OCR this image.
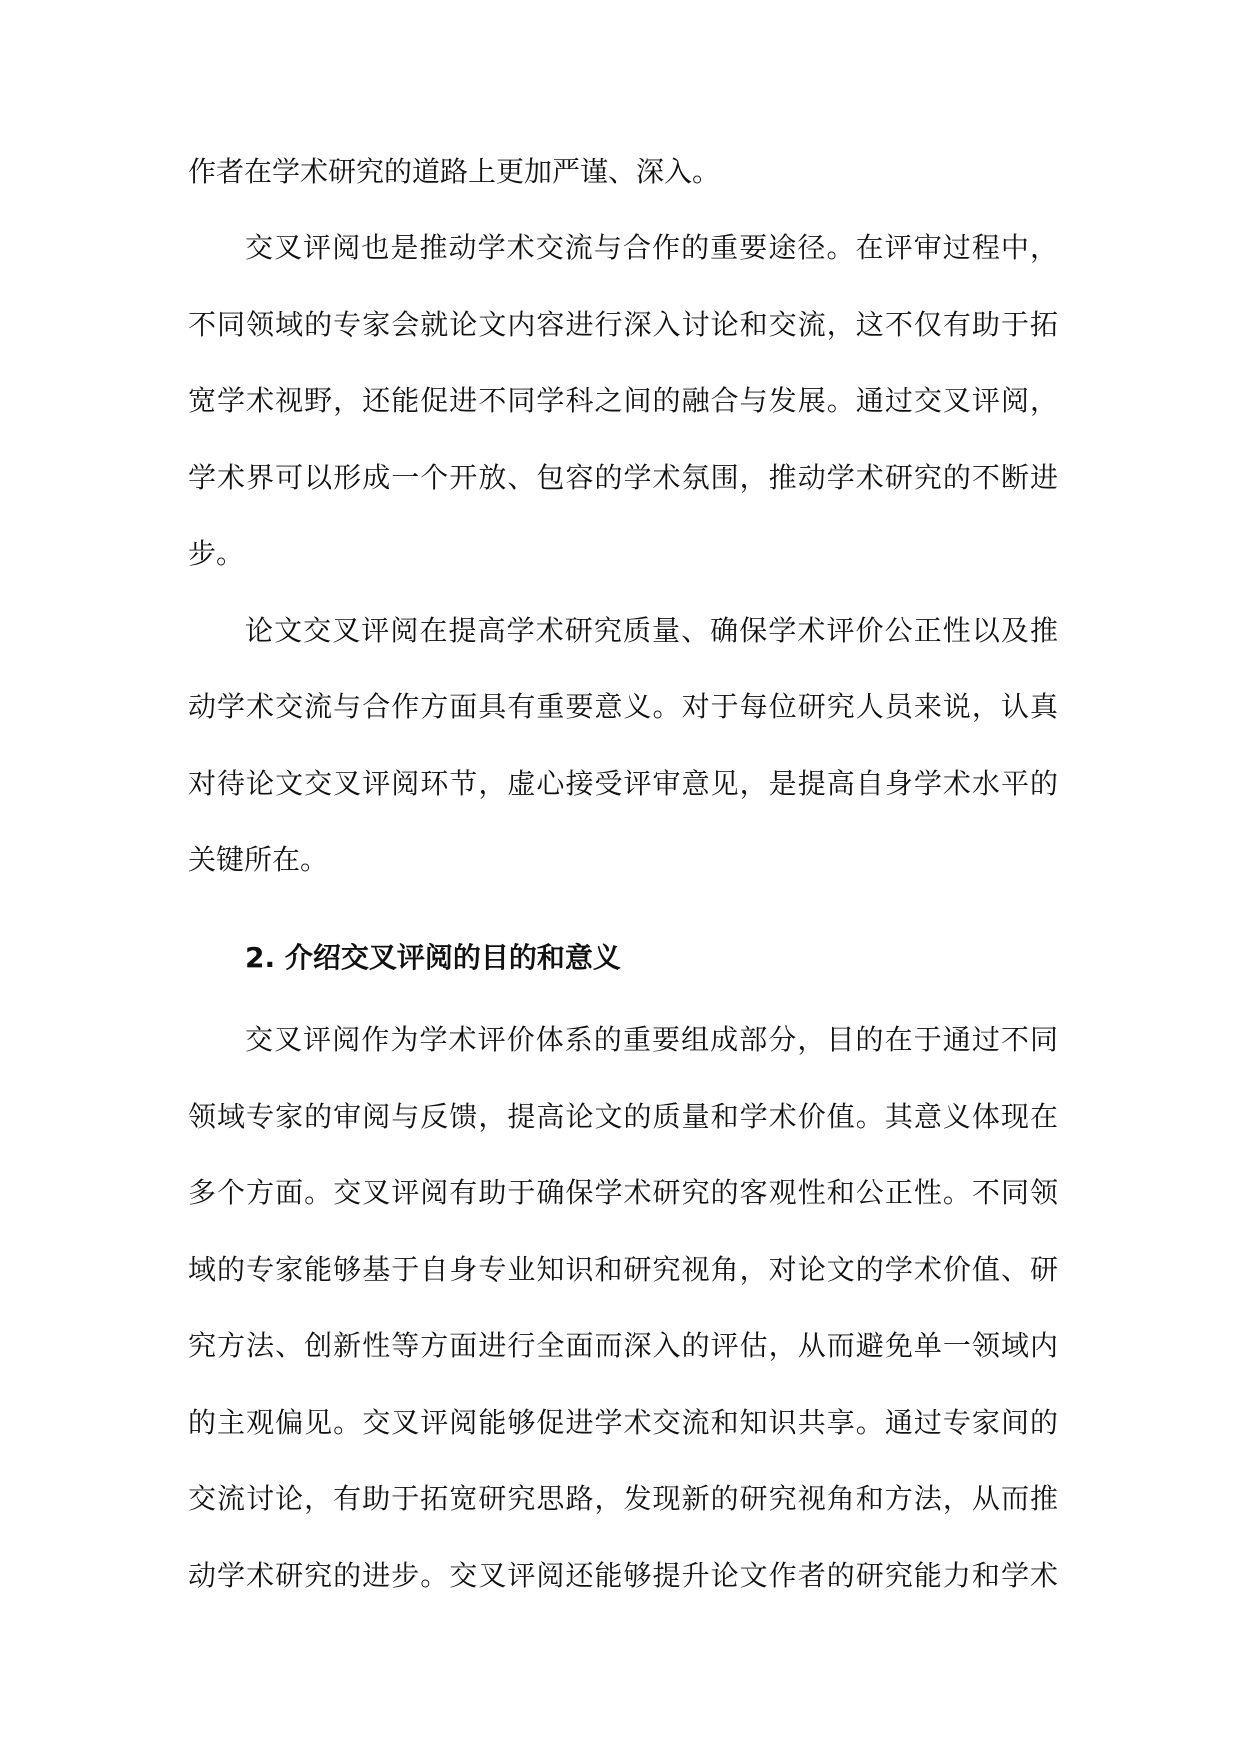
作者在学术研究的道路上更加严谨、深入。
交叉评阅也是推动学术交流与合作的重要途径。在评审过程中，
不同领域的专家会就论文内容进行深入讨论和交流，这不仅有助于拓
宽学术视野，还能促进不同学科之间的融合与发展。通过交叉评阅，
学术界可以形成一个开放、包容的学术氛围，推动学术研究的不断进
步。
论文交叉评阅在提高学术研究质量、确保学术评价公正性以及推
动学术交流与合作方面具有重要意义。对于每位研究人员来说，认真
对待论文交叉评阅环节，虚心接受评审意见，是提高自身学术水平的
关键所在。
2. 介绍交叉评阅的目的和意义
交叉评阅作为学术评价体系的重要组成部分，目的在于通过不同
领域专家的审阅与反馈，提高论文的质量和学术价值。其意义体现在
多个方面。交叉评阅有助于确保学术研究的客观性和公正性。不同领
域的专家能够基于自身专业知识和研究视角，对论文的学术价值、研
究方法、创新性等方面进行全面而深入的评估，从而避免单一领域内
的主观偏见。交叉评阅能够促进学术交流和知识共享。通过专家间的
交流讨论，有助于拓宽研究思路，发现新的研究视角和方法，从而推
动学术研究的进步。交叉评阅还能够提升论文作者的研究能力和学术
